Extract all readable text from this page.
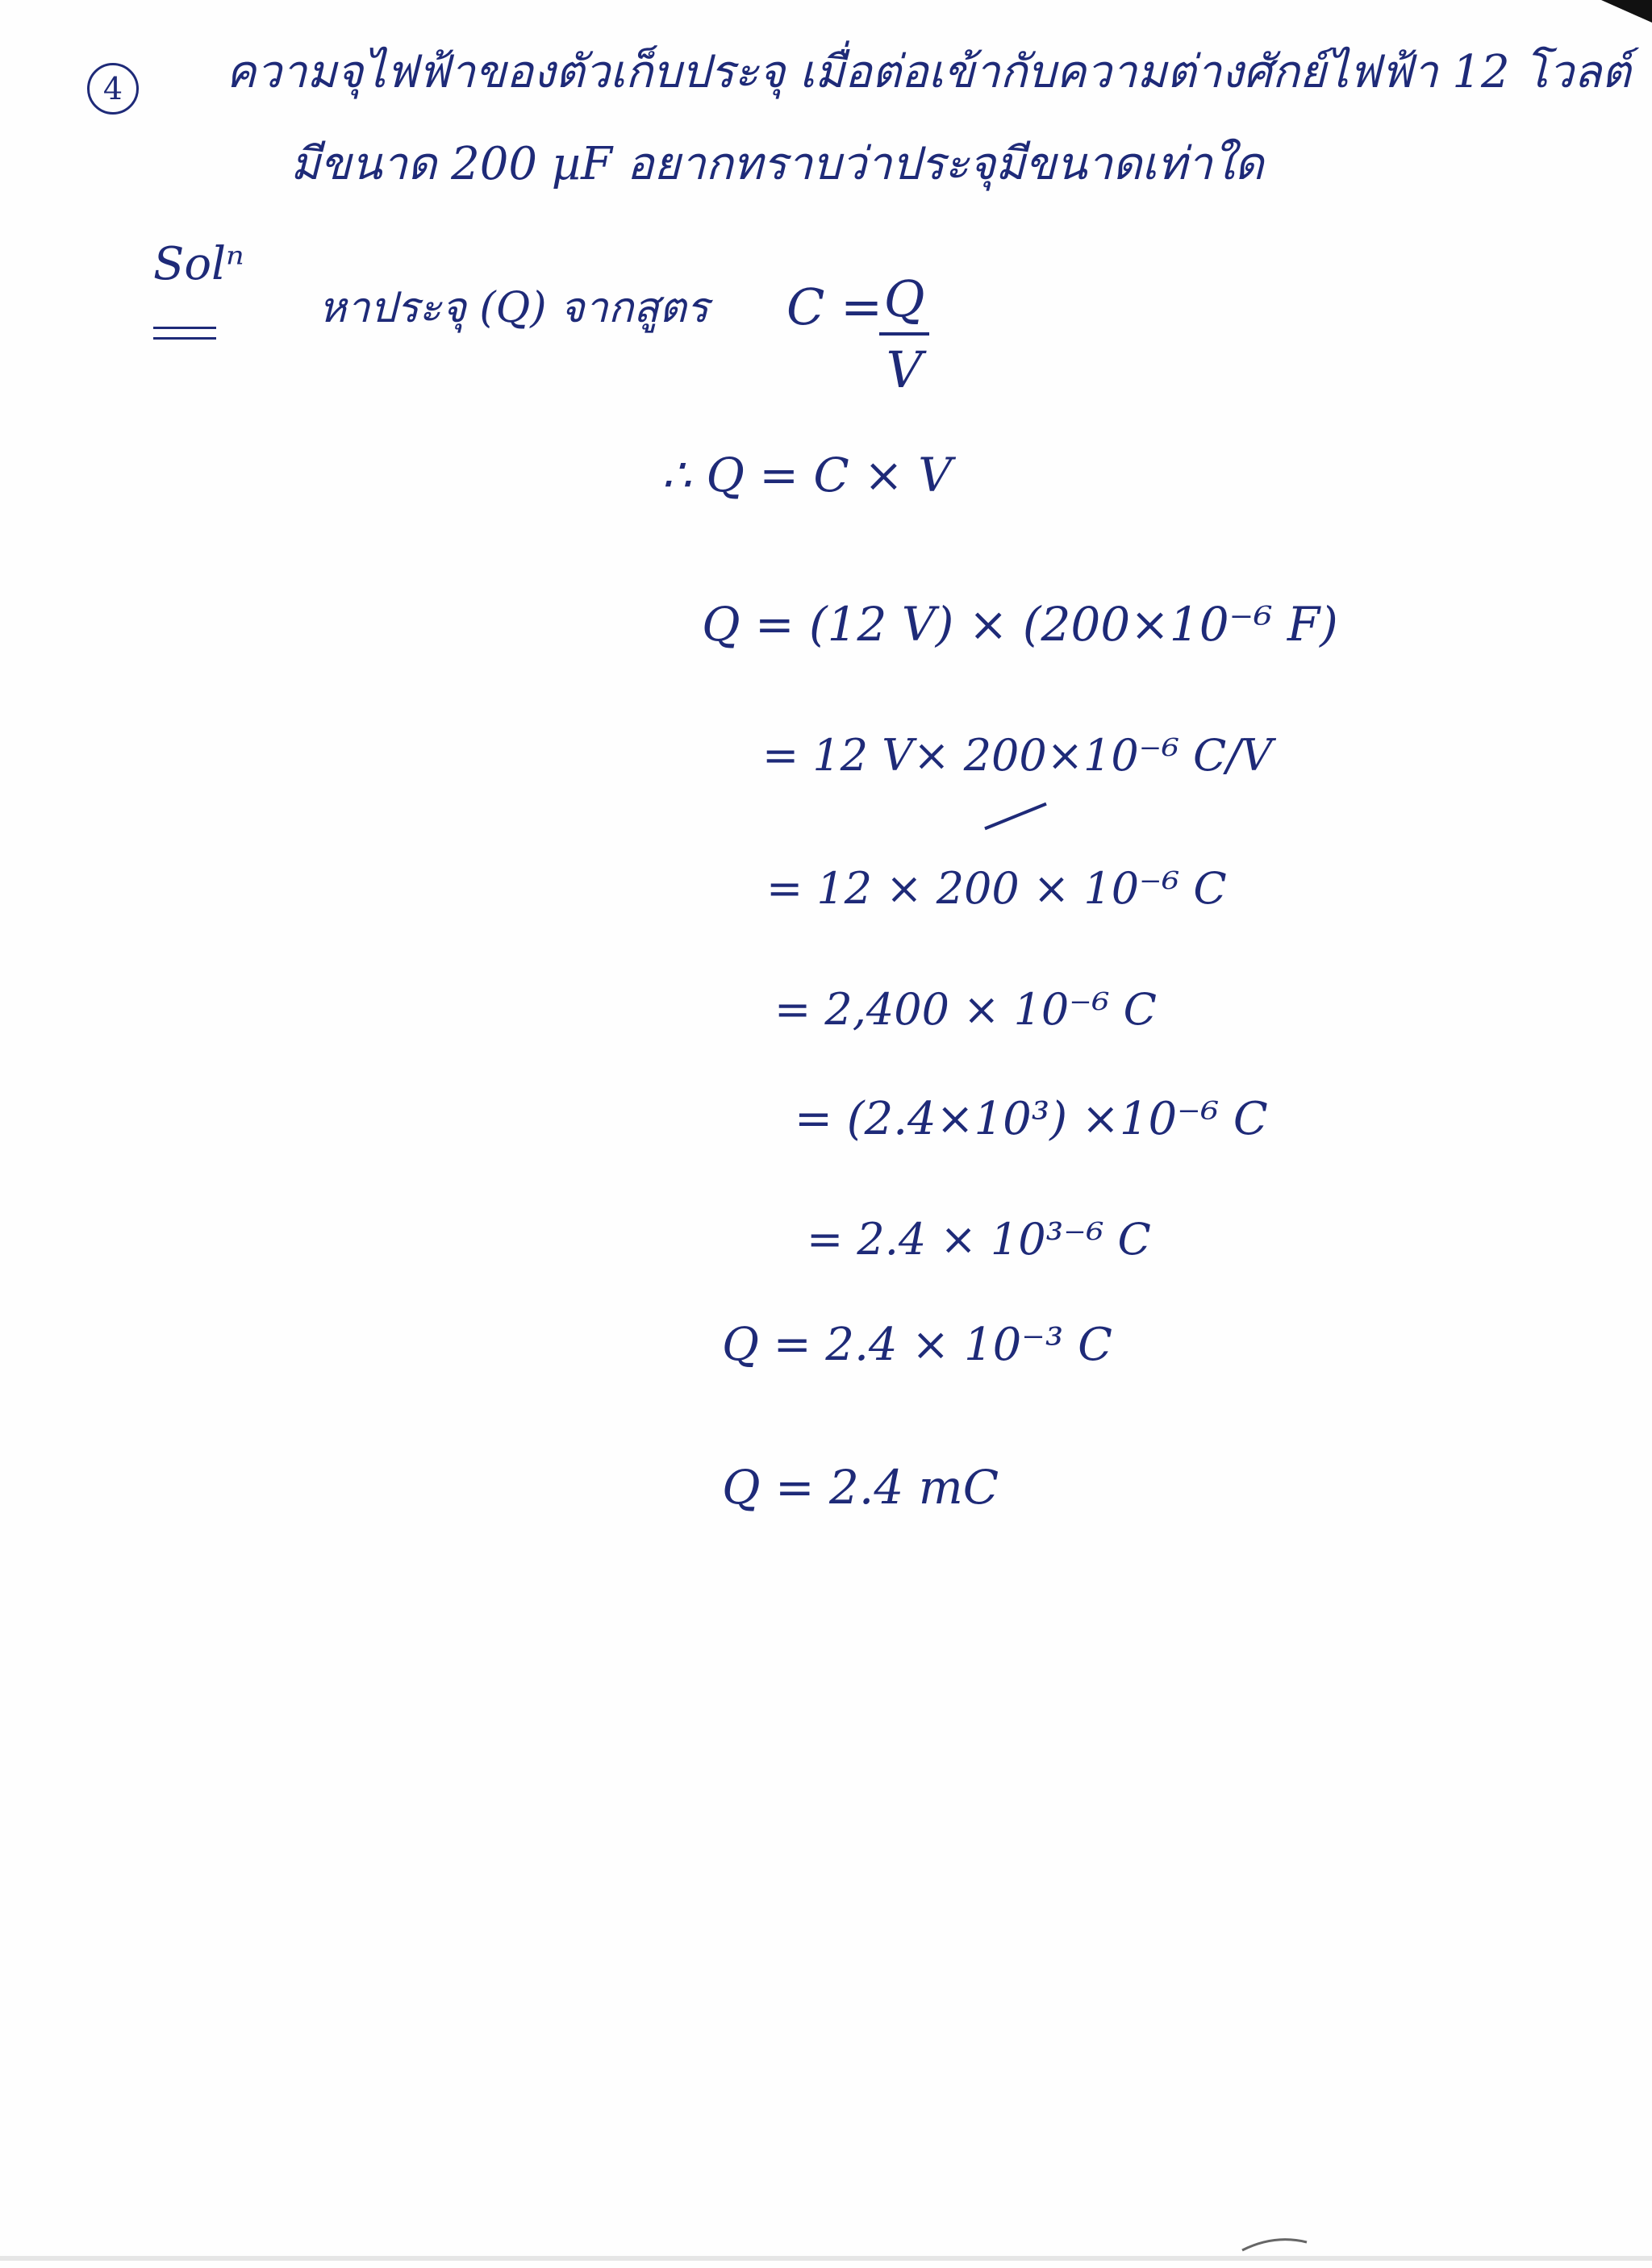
4	ความจุไฟฟ้าของตัวเก็บประจุ เมื่อต่อเข้ากับความต่างศักย์ไฟฟ้า 12 โวลต์
มีขนาด 200 µF อยากทราบว่าประจุมีขนาดเท่าใด
Solⁿ
หาประจุ (Q) จากสูตร C = Q
V
∴ Q = C × V
Q = (12 V) × (200×10⁻⁶ F)
= 12 V× 200×10⁻⁶ C/V
= 12 × 200 × 10⁻⁶ C
= 2,400 × 10⁻⁶ C
= (2.4×10³) ×10⁻⁶ C
= 2.4 × 10³⁻⁶ C
Q = 2.4 × 10⁻³ C
Q = 2.4 mC
